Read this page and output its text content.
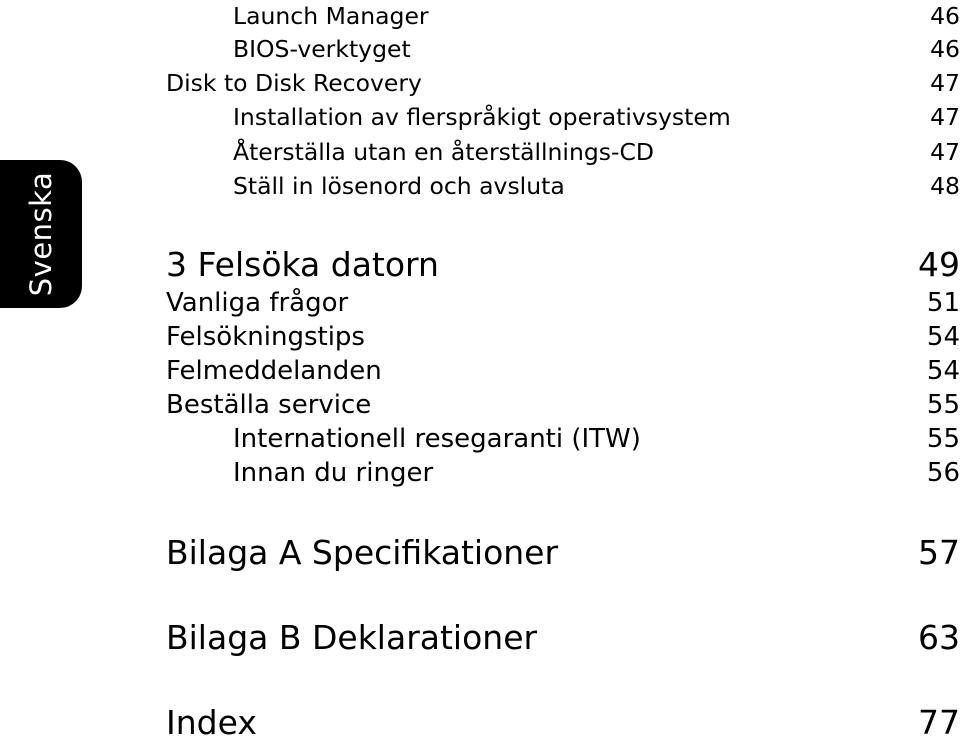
Svenska
Launch Manager	46
BIOS-verktyget	46
Disk to Disk Recovery	47
Installation av flerspråkigt operativsystem	47
Återställa utan en återställnings-CD	47
Ställ in lösenord och avsluta	48
3 Felsöka datorn	49
Vanliga frågor	51
Felsökningstips	54
Felmeddelanden	54
Beställa service	55
Internationell resegaranti (ITW)	55
Innan du ringer	56
Bilaga A Specifikationer	57
Bilaga B Deklarationer	63
Index	77
